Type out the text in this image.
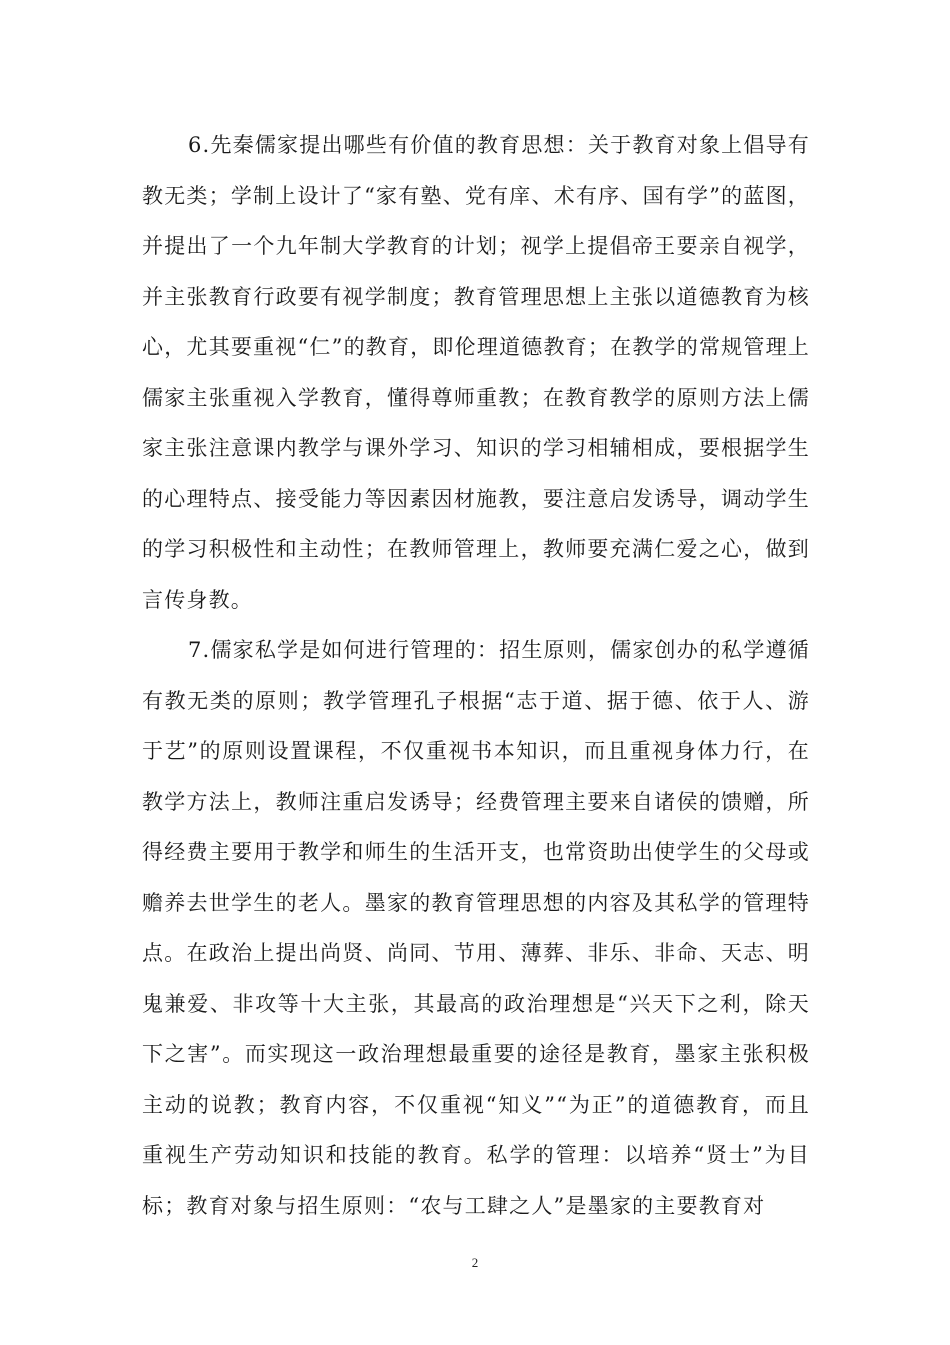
6.先秦儒家提出哪些有价值的教育思想：关于教育对象上倡导有教无类；学制上设计了“家有塾、党有庠、术有序、国有学”的蓝图，并提出了一个九年制大学教育的计划；视学上提倡帝王要亲自视学，并主张教育行政要有视学制度；教育管理思想上主张以道德教育为核心，尤其要重视“仁”的教育，即伦理道德教育；在教学的常规管理上儒家主张重视入学教育，懂得尊师重教；在教育教学的原则方法上儒家主张注意课内教学与课外学习、知识的学习相辅相成，要根据学生的心理特点、接受能力等因素因材施教，要注意启发诱导，调动学生的学习积极性和主动性；在教师管理上，教师要充满仁爱之心，做到言传身教。

7.儒家私学是如何进行管理的：招生原则，儒家创办的私学遵循有教无类的原则；教学管理孔子根据“志于道、据于德、依于人、游于艺”的原则设置课程，不仅重视书本知识，而且重视身体力行，在教学方法上，教师注重启发诱导；经费管理主要来自诸侯的馈赠，所得经费主要用于教学和师生的生活开支，也常资助出使学生的父母或赡养去世学生的老人。墨家的教育管理思想的内容及其私学的管理特点。在政治上提出尚贤、尚同、节用、薄葬、非乐、非命、天志、明鬼兼爱、非攻等十大主张，其最高的政治理想是“兴天下之利，除天下之害”。而实现这一政治理想最重要的途径是教育，墨家主张积极主动的说教；教育内容，不仅重视“知义”“为正”的道德教育，而且重视生产劳动知识和技能的教育。私学的管理：以培养“贤士”为目标；教育对象与招生原则：“农与工肆之人”是墨家的主要教育对

2
